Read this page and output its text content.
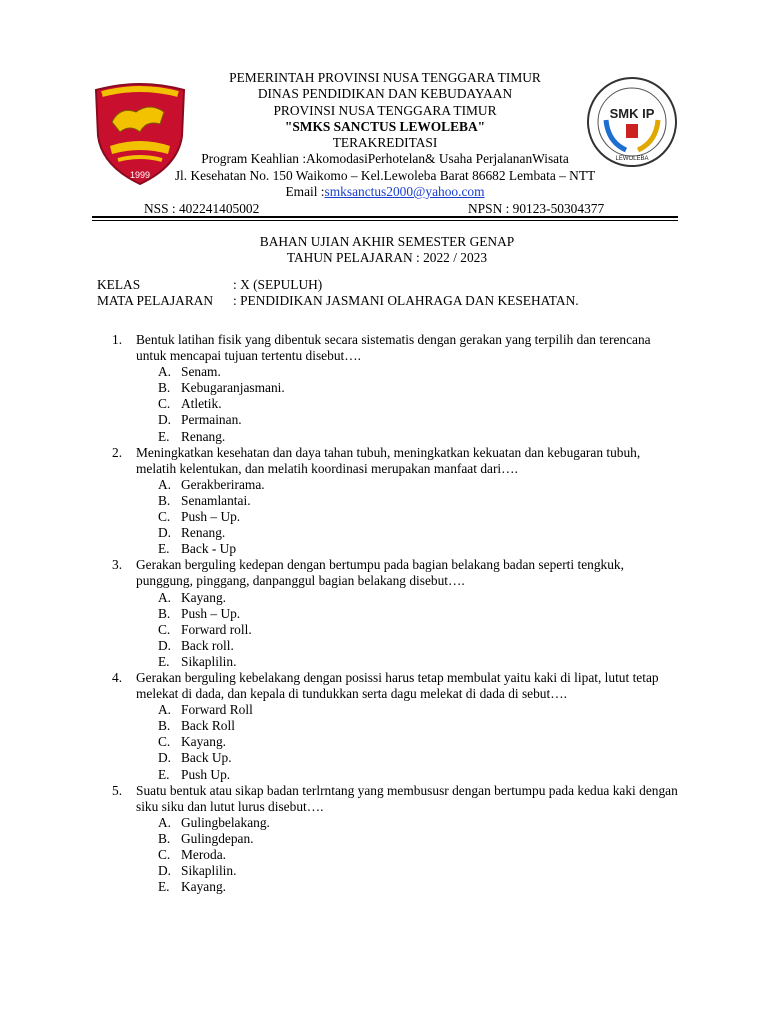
1999
SMK IP
LEWOLEBA
PEMERINTAH PROVINSI NUSA TENGGARA TIMUR
DINAS PENDIDIKAN DAN KEBUDAYAAN
PROVINSI NUSA TENGGARA TIMUR
"SMKS SANCTUS LEWOLEBA"
TERAKREDITASI
Program Keahlian :AkomodasiPerhotelan& Usaha PerjalananWisata
Jl. Kesehatan No. 150 Waikomo – Kel.Lewoleba Barat 86682 Lembata – NTT
Email :smksanctus2000@yahoo.com
NSS : 402241405002	NPSN : 90123-50304377
BAHAN UJIAN AKHIR SEMESTER GENAP
TAHUN PELAJARAN : 2022 / 2023
KELAS	: X (SEPULUH)
MATA PELAJARAN : PENDIDIKAN JASMANI OLAHRAGA DAN KESEHATAN.
1. Bentuk latihan fisik yang dibentuk secara sistematis dengan gerakan yang terpilih dan terencana untuk mencapai tujuan tertentu disebut….
A. Senam.
B. Kebugaranjasmani.
C. Atletik.
D. Permainan.
E. Renang.
2. Meningkatkan kesehatan dan daya tahan tubuh, meningkatkan kekuatan dan kebugaran tubuh, melatih kelentukan, dan melatih koordinasi merupakan manfaat dari….
A. Gerakberirama.
B. Senamlantai.
C. Push – Up.
D. Renang.
E. Back - Up
3. Gerakan berguling kedepan dengan bertumpu pada bagian belakang badan seperti tengkuk, punggung, pinggang, danpanggul bagian belakang disebut….
A. Kayang.
B. Push – Up.
C. Forward roll.
D. Back roll.
E. Sikaplilin.
4. Gerakan berguling kebelakang dengan posissi harus tetap membulat yaitu kaki di lipat, lutut tetap melekat di dada, dan kepala di tundukkan serta dagu melekat di dada di sebut….
A. Forward Roll
B. Back Roll
C. Kayang.
D. Back Up.
E. Push Up.
5. Suatu bentuk atau sikap badan terlrntang yang membususr dengan bertumpu pada kedua kaki dengan siku siku dan lutut lurus disebut….
A. Gulingbelakang.
B. Gulingdepan.
C. Meroda.
D. Sikaplilin.
E. Kayang.
